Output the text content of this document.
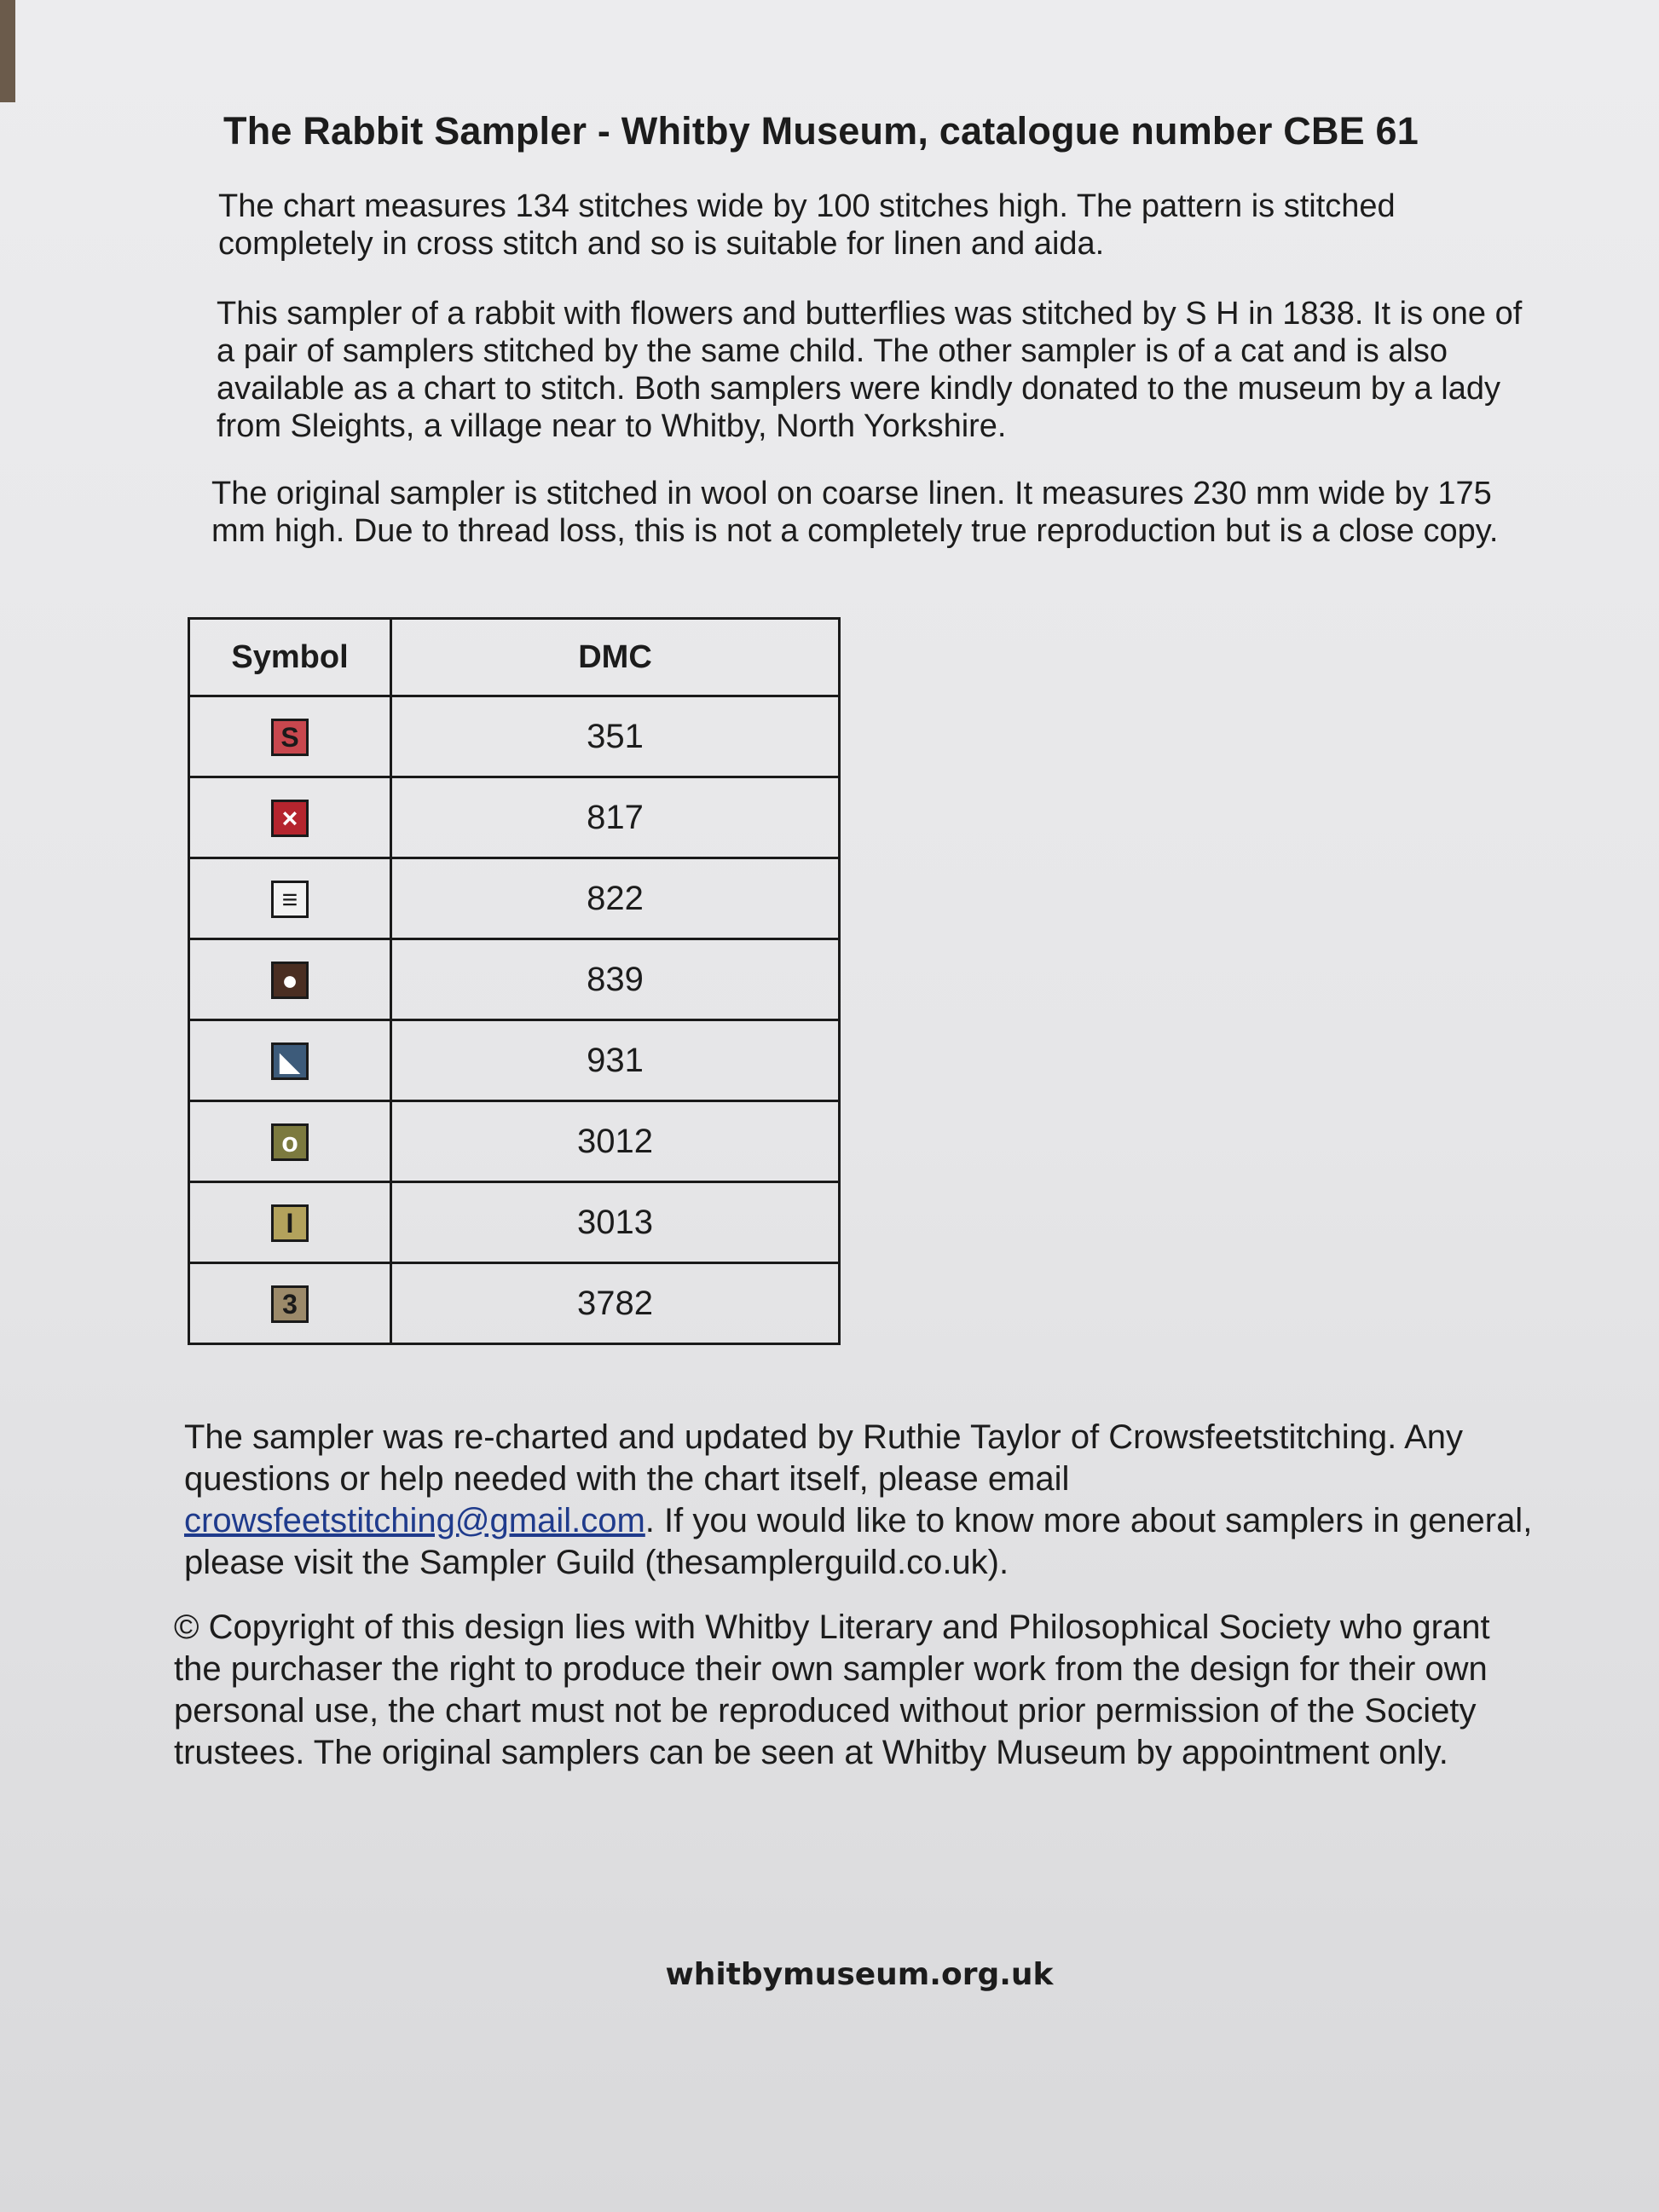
The Rabbit Sampler - Whitby Museum, catalogue number CBE 61

The chart measures 134 stitches wide by 100 stitches high. The pattern is stitched completely in cross stitch and so is suitable for linen and aida.

This sampler of a rabbit with flowers and butterflies was stitched by S H in 1838. It is one of a pair of samplers stitched by the same child. The other sampler is of a cat and is also available as a chart to stitch. Both samplers were kindly donated to the museum by a lady from Sleights, a village near to Whitby, North Yorkshire.

The original sampler is stitched in wool on coarse linen. It measures 230 mm wide by 175 mm high. Due to thread loss, this is not a completely true reproduction but is a close copy.

Symbol	DMC
S	351
×	817
≡	822
●	839
◣	931
o	3012
I	3013
3	3782

The sampler was re-charted and updated by Ruthie Taylor of Crowsfeetstitching. Any questions or help needed with the chart itself, please email crowsfeetstitching@gmail.com. If you would like to know more about samplers in general, please visit the Sampler Guild (thesamplerguild.co.uk).

© Copyright of this design lies with Whitby Literary and Philosophical Society who grant the purchaser the right to produce their own sampler work from the design for their own personal use, the chart must not be reproduced without prior permission of the Society trustees. The original samplers can be seen at Whitby Museum by appointment only.

whitbymuseum.org.uk
